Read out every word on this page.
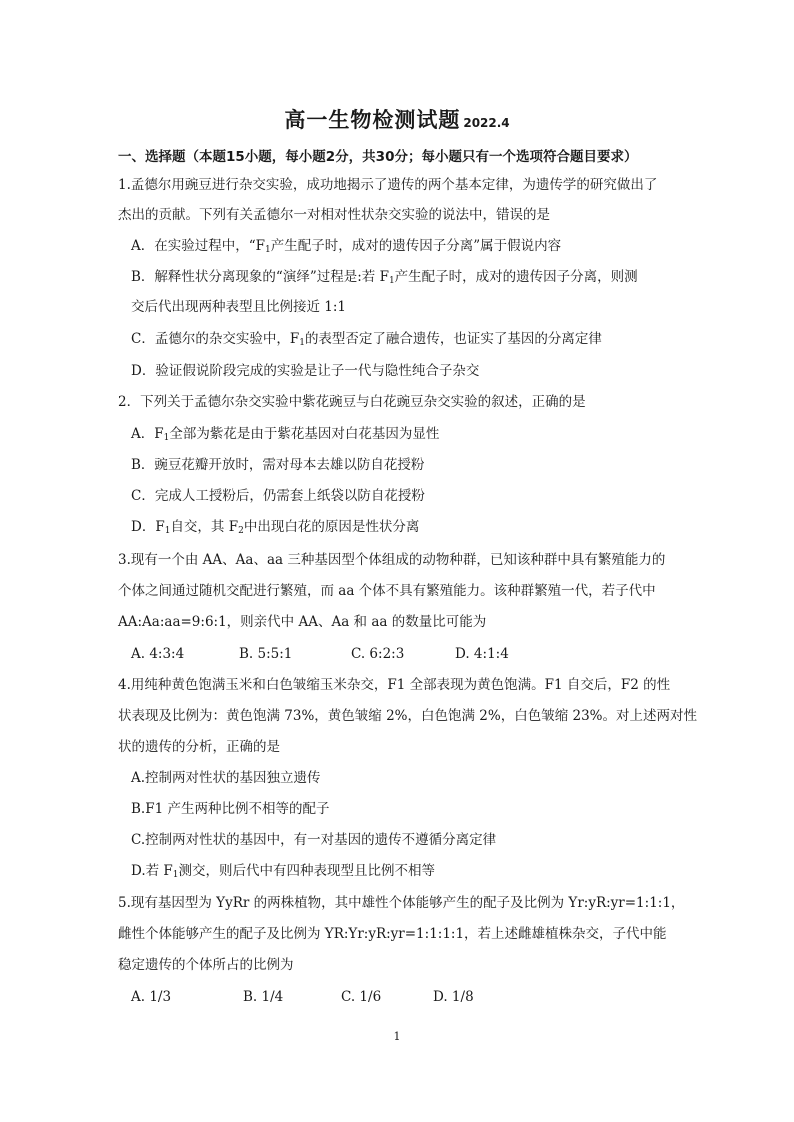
高一生物检测试题 2022.4
一、选择题（本题15小题，每小题2分，共30分；每小题只有一个选项符合题目要求）
1.孟德尔用豌豆进行杂交实验，成功地揭示了遗传的两个基本定律，为遗传学的研究做出了
杰出的贡献。下列有关孟德尔一对相对性状杂交实验的说法中，错误的是
A．在实验过程中，“$F_1$产生配子时，成对的遗传因子分离”属于假说内容
B．解释性状分离现象的“演绎”过程是:若 $F_1$产生配子时，成对的遗传因子分离，则测
交后代出现两种表型且比例接近 1:1
C．孟德尔的杂交实验中，$F_1$的表型否定了融合遗传，也证实了基因的分离定律
D．验证假说阶段完成的实验是让子一代与隐性纯合子杂交
2．下列关于孟德尔杂交实验中紫花豌豆与白花豌豆杂交实验的叙述，正确的是
A．$F_1$全部为紫花是由于紫花基因对白花基因为显性
B．豌豆花瓣开放时，需对母本去雄以防自花授粉
C．完成人工授粉后，仍需套上纸袋以防自花授粉
D．$F_1$自交，其 $F_2$中出现白花的原因是性状分离
3.现有一个由 AA、Aa、aa 三种基因型个体组成的动物种群，已知该种群中具有繁殖能力的
个体之间通过随机交配进行繁殖，而 aa 个体不具有繁殖能力。该种群繁殖一代，若子代中
AA:Aa:aa=9:6:1，则亲代中 AA、Aa 和 aa 的数量比可能为
A. 4:3:4	B. 5:5:1	C. 6:2:3	D. 4:1:4
4.用纯种黄色饱满玉米和白色皱缩玉米杂交，F1 全部表现为黄色饱满。F1 自交后，F2 的性
状表现及比例为：黄色饱满 73%，黄色皱缩 2%，白色饱满 2%，白色皱缩 23%。对上述两对性
状的遗传的分析，正确的是
A.控制两对性状的基因独立遗传
B.F1 产生两种比例不相等的配子
C.控制两对性状的基因中，有一对基因的遗传不遵循分离定律
D.若 $F_1$测交，则后代中有四种表现型且比例不相等
5.现有基因型为 YyRr 的两株植物，其中雄性个体能够产生的配子及比例为 Yr:yR:yr=1:1:1，
雌性个体能够产生的配子及比例为 YR:Yr:yR:yr=1:1:1:1，若上述雌雄植株杂交，子代中能
稳定遗传的个体所占的比例为
A. 1/3	B. 1/4	C. 1/6	D. 1/8
1
